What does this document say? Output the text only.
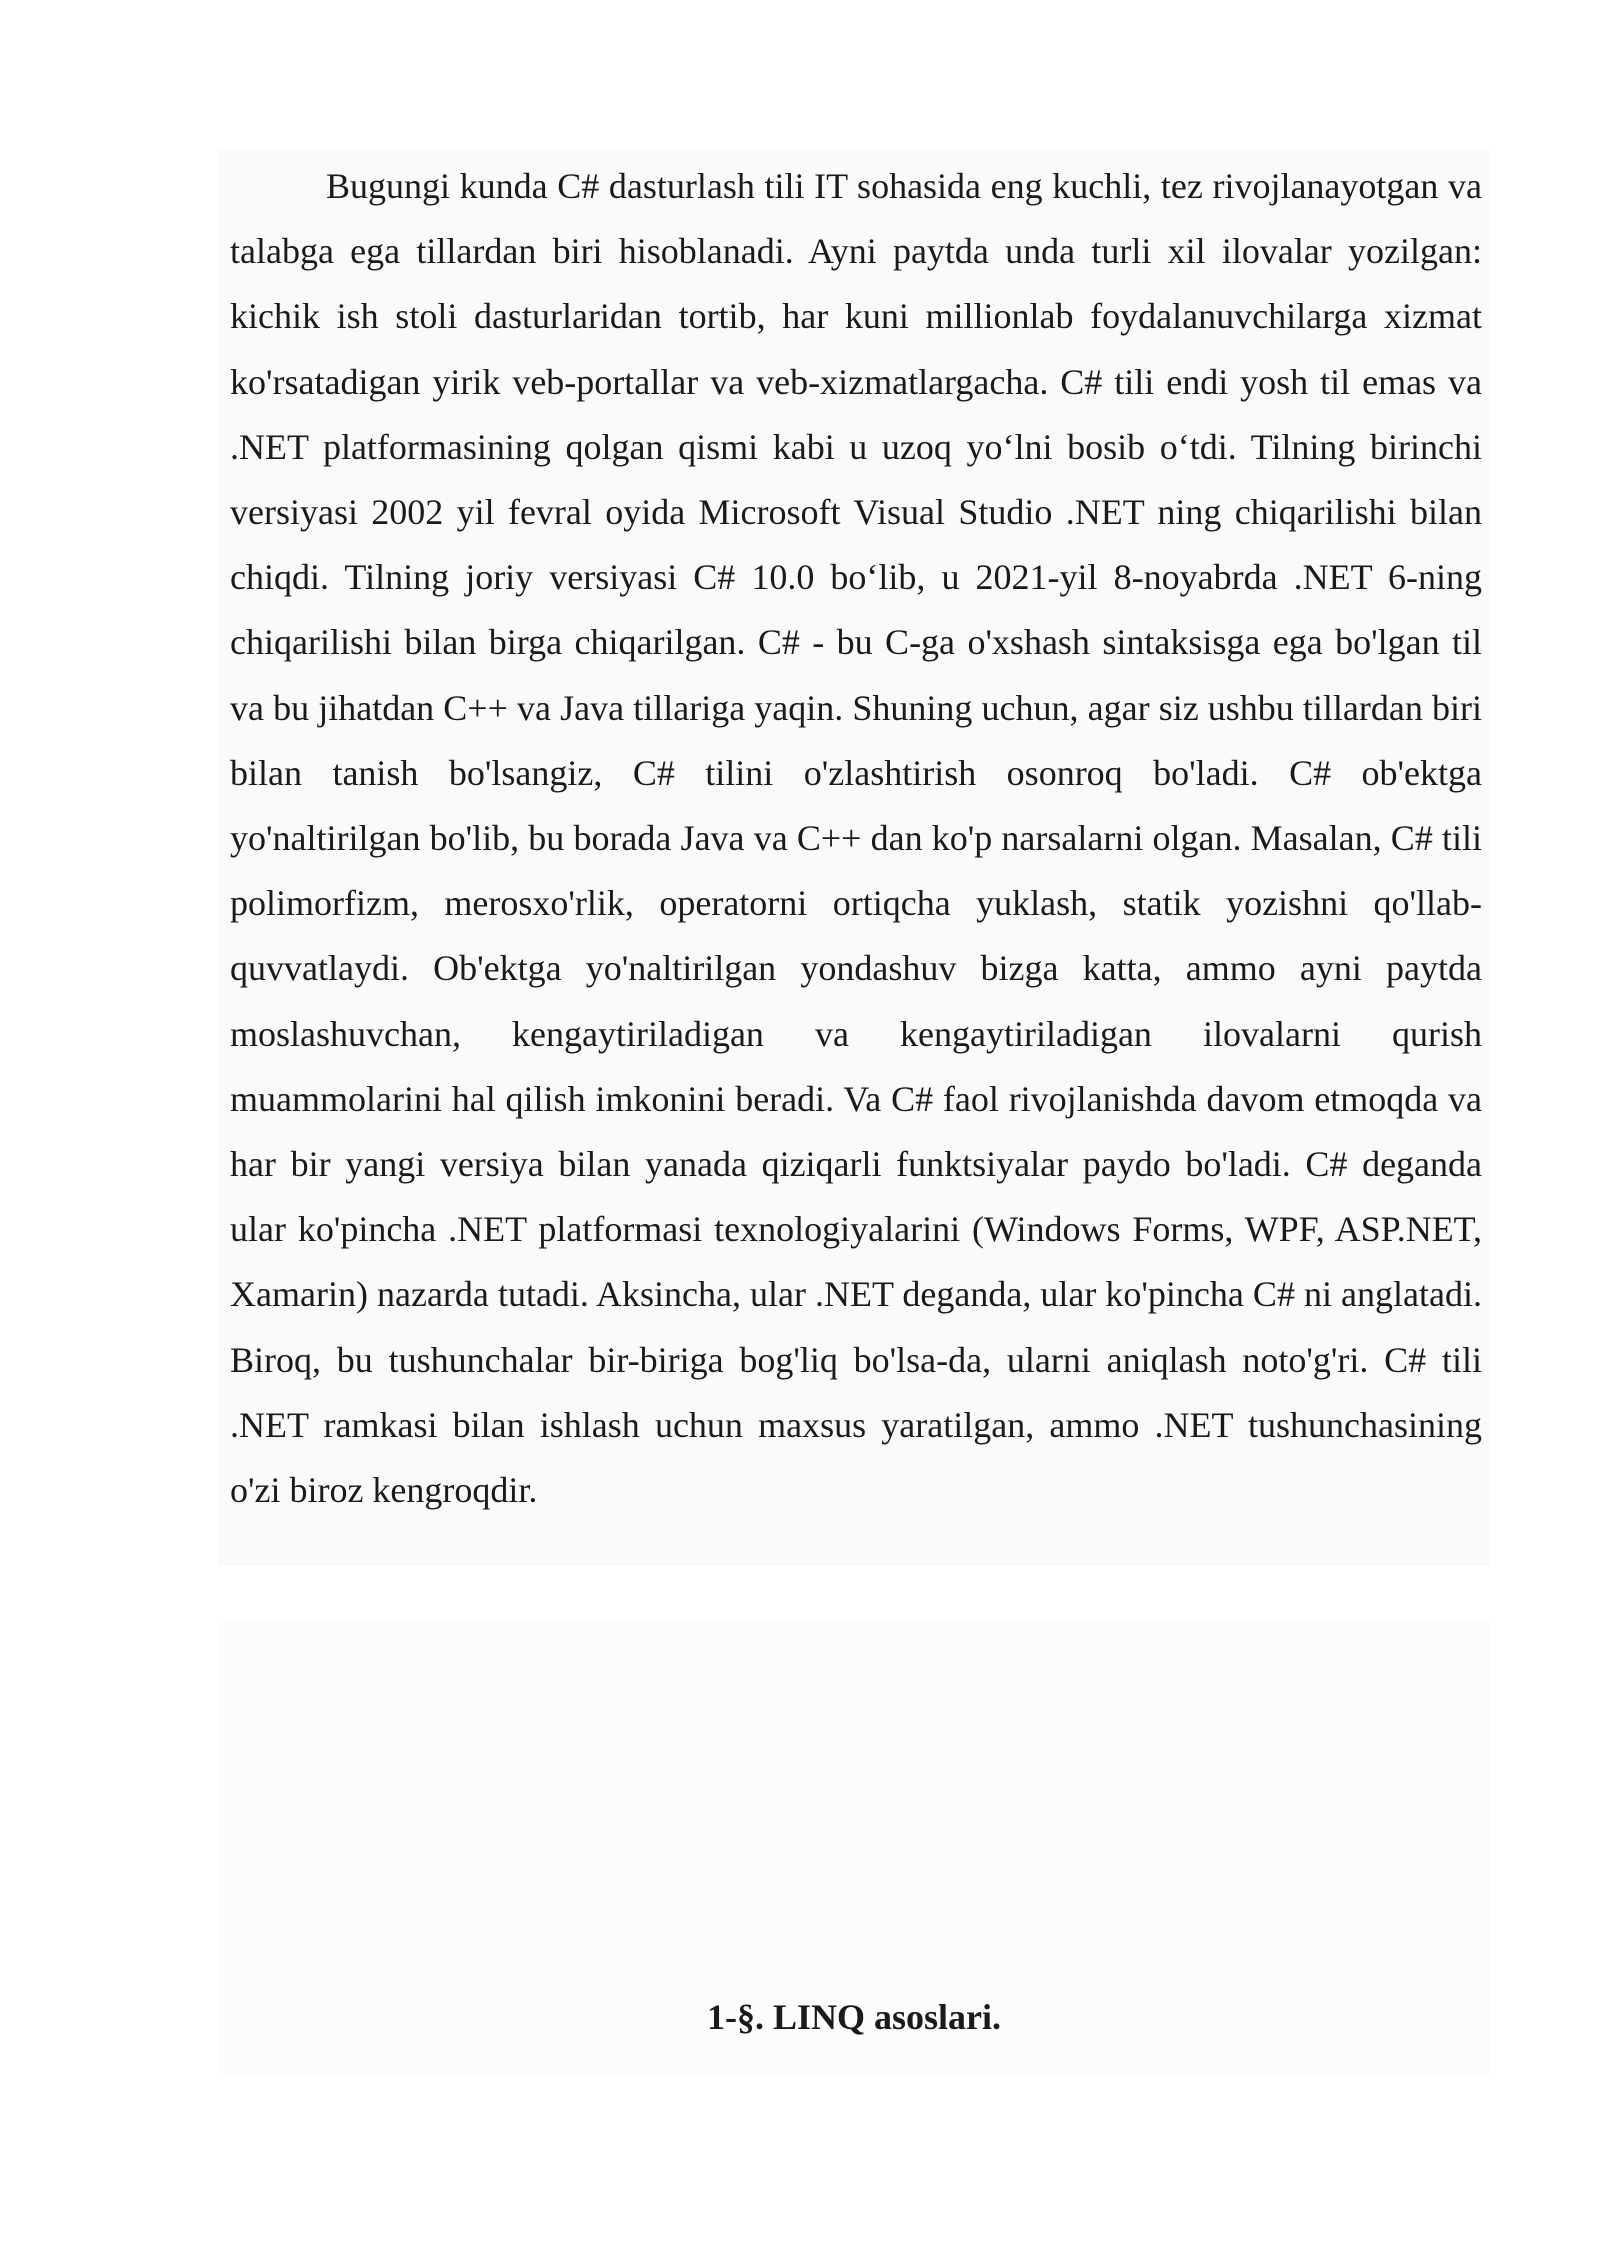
Bugungi kunda C# dasturlash tili IT sohasida eng kuchli, tez rivojlanayotgan va talabga ega tillardan biri hisoblanadi. Ayni paytda unda turli xil ilovalar yozilgan: kichik ish stoli dasturlaridan tortib, har kuni millionlab foydalanuvchilarga xizmat ko'rsatadigan yirik veb-portallar va veb-xizmatlargacha. C# tili endi yosh til emas va .NET platformasining qolgan qismi kabi u uzoq yo‘lni bosib o‘tdi. Tilning birinchi versiyasi 2002 yil fevral oyida Microsoft Visual Studio .NET ning chiqarilishi bilan chiqdi. Tilning joriy versiyasi C# 10.0 bo‘lib, u 2021-yil 8-noyabrda .NET 6-ning chiqarilishi bilan birga chiqarilgan. C# - bu C-ga o'xshash sintaksisga ega bo'lgan til va bu jihatdan C++ va Java tillariga yaqin. Shuning uchun, agar siz ushbu tillardan biri bilan tanish bo'lsangiz, C# tilini o'zlashtirish osonroq bo'ladi. C# ob'ektga yo'naltirilgan bo'lib, bu borada Java va C++ dan ko'p narsalarni olgan. Masalan, C# tili polimorfizm, merosxo'rlik, operatorni ortiqcha yuklash, statik yozishni qo'llab-quvvatlaydi. Ob'ektga yo'naltirilgan yondashuv bizga katta, ammo ayni paytda moslashuvchan, kengaytiriladigan va kengaytiriladigan ilovalarni qurish muammolarini hal qilish imkonini beradi. Va C# faol rivojlanishda davom etmoqda va har bir yangi versiya bilan yanada qiziqarli funktsiyalar paydo bo'ladi. C# deganda ular ko'pincha .NET platformasi texnologiyalarini (Windows Forms, WPF, ASP.NET, Xamarin) nazarda tutadi. Aksincha, ular .NET deganda, ular ko'pincha C# ni anglatadi. Biroq, bu tushunchalar bir-biriga bog'liq bo'lsa-da, ularni aniqlash noto'g'ri. C# tili .NET ramkasi bilan ishlash uchun maxsus yaratilgan, ammo .NET tushunchasining o'zi biroz kengroqdir.

1-§. LINQ asoslari.
